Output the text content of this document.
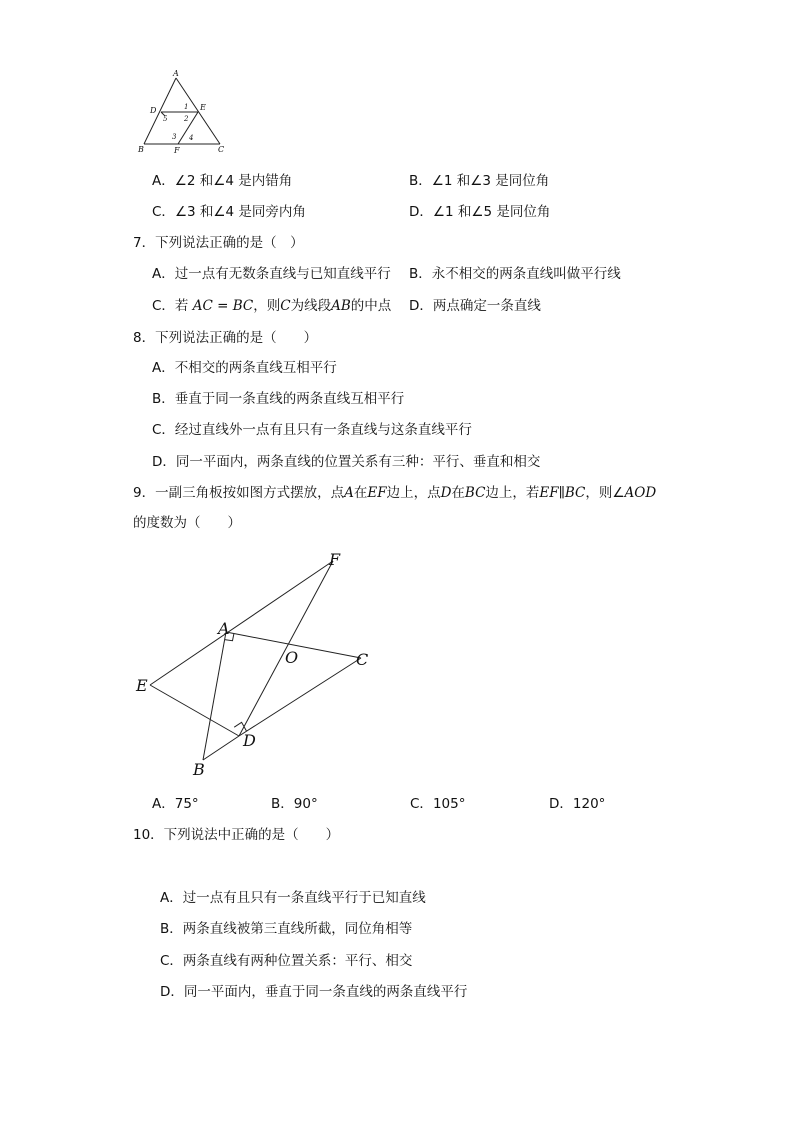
A
D	E
B	F	C
1
2
3 4
5
A．∠2 和∠4 是内错角	B．∠1 和∠3 是同位角
C．∠3 和∠4 是同旁内角	D．∠1 和∠5 是同位角
7．下列说法正确的是（　）
A．过一点有无数条直线与已知直线平行 B．永不相交的两条直线叫做平行线
C．若 AC = BC，则C为线段AB的中点 D．两点确定一条直线
8．下列说法正确的是（　　）
A．不相交的两条直线互相平行
B．垂直于同一条直线的两条直线互相平行
C．经过直线外一点有且只有一条直线与这条直线平行
D．同一平面内，两条直线的位置关系有三种：平行、垂直和相交
9．一副三角板按如图方式摆放，点A在EF边上，点D在BC边上，若EF∥BC，则∠AOD
的度数为（　　）
F
A
O	C
E
D
B
A．75°	B．90°	C．105°	D．120°
10．下列说法中正确的是（　　）
A．过一点有且只有一条直线平行于已知直线
B．两条直线被第三直线所截，同位角相等
C．两条直线有两种位置关系：平行、相交
D．同一平面内，垂直于同一条直线的两条直线平行
